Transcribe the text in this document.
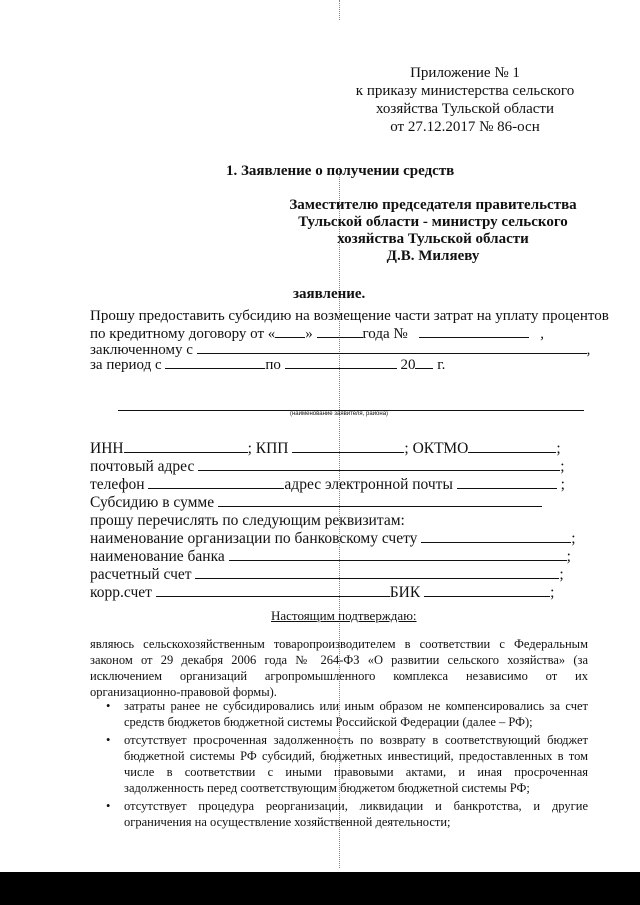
Приложение № 1
к приказу министерства сельского
хозяйства Тульской области
от 27.12.2017 № 86-осн
1. Заявление о получении средств
Заместителю председателя правительства
Тульской области - министру сельского
хозяйства Тульской области
Д.В. Миляеву
заявление.
Прошу предоставить субсидию на возмещение части затрат на уплату процентов
по кредитному договору от « »	года №	,
заключенному с	,
за период с	по	20 г.
(наименование заявителя, района)
ИНН	; КПП	; ОКТМО	;
почтовый адрес	;
телефон	адрес электронной почты	;
Субсидию в сумме
прошу перечислять по следующим реквизитам:
наименование организации по банковскому счету	;
наименование банка	;
расчетный счет	;
корр.счет	БИК	;
Настоящим подтверждаю:
являюсь сельскохозяйственным товаропроизводителем в соответствии с Федеральным законом от 29 декабря 2006 года № 264-ФЗ «О развитии сельского хозяйства» (за исключением организаций агропромышленного комплекса независимо от их организационно-правовой формы).
• затраты ранее не субсидировались или иным образом не компенсировались за счет средств бюджетов бюджетной системы Российской Федерации (далее – РФ);
• отсутствует просроченная задолженность по возврату в соответствующий бюджет бюджетной системы РФ субсидий, бюджетных инвестиций, предоставленных в том числе в соответствии с иными правовыми актами, и иная просроченная задолженность перед соответствующим бюджетом бюджетной системы РФ;
• отсутствует процедура реорганизации, ликвидации и банкротства, и другие ограничения на осуществление хозяйственной деятельности;
